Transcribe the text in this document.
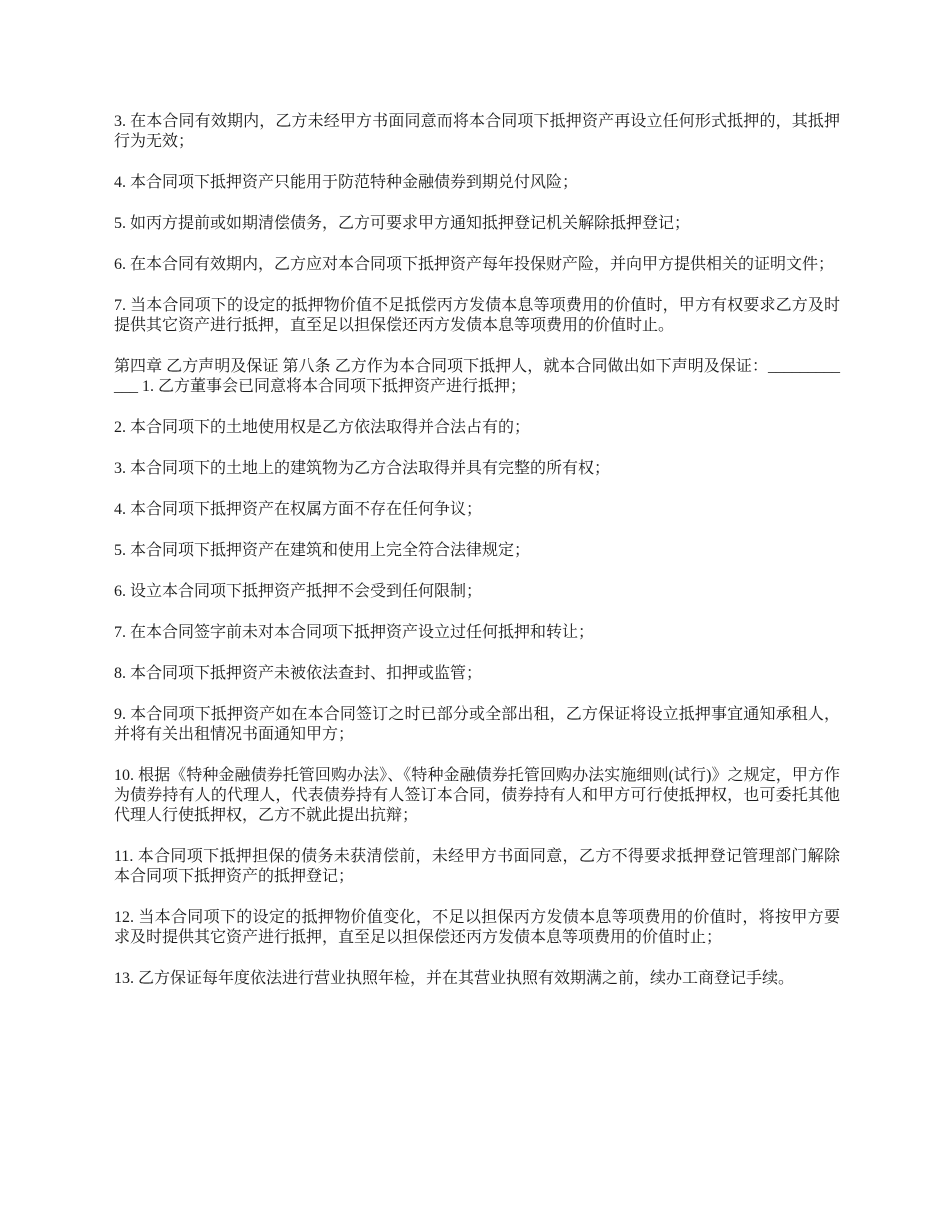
3. 在本合同有效期内，乙方未经甲方书面同意而将本合同项下抵押资产再设立任何形式抵押的，其抵押行为无效；

4. 本合同项下抵押资产只能用于防范特种金融债券到期兑付风险；

5. 如丙方提前或如期清偿债务，乙方可要求甲方通知抵押登记机关解除抵押登记；

6. 在本合同有效期内，乙方应对本合同项下抵押资产每年投保财产险，并向甲方提供相关的证明文件；

7. 当本合同项下的设定的抵押物价值不足抵偿丙方发债本息等项费用的价值时，甲方有权要求乙方及时提供其它资产进行抵押，直至足以担保偿还丙方发债本息等项费用的价值时止。

第四章 乙方声明及保证 第八条 乙方作为本合同项下抵押人，就本合同做出如下声明及保证：____________ 1. 乙方董事会已同意将本合同项下抵押资产进行抵押；

2. 本合同项下的土地使用权是乙方依法取得并合法占有的；

3. 本合同项下的土地上的建筑物为乙方合法取得并具有完整的所有权；

4. 本合同项下抵押资产在权属方面不存在任何争议；

5. 本合同项下抵押资产在建筑和使用上完全符合法律规定；

6. 设立本合同项下抵押资产抵押不会受到任何限制；

7. 在本合同签字前未对本合同项下抵押资产设立过任何抵押和转让；

8. 本合同项下抵押资产未被依法查封、扣押或监管；

9. 本合同项下抵押资产如在本合同签订之时已部分或全部出租，乙方保证将设立抵押事宜通知承租人，并将有关出租情况书面通知甲方；

10. 根据《特种金融债券托管回购办法》、《特种金融债券托管回购办法实施细则(试行)》之规定，甲方作为债券持有人的代理人，代表债券持有人签订本合同，债券持有人和甲方可行使抵押权，也可委托其他代理人行使抵押权，乙方不就此提出抗辩；

11. 本合同项下抵押担保的债务未获清偿前，未经甲方书面同意，乙方不得要求抵押登记管理部门解除本合同项下抵押资产的抵押登记；

12. 当本合同项下的设定的抵押物价值变化，不足以担保丙方发债本息等项费用的价值时，将按甲方要求及时提供其它资产进行抵押，直至足以担保偿还丙方发债本息等项费用的价值时止；

13. 乙方保证每年度依法进行营业执照年检，并在其营业执照有效期满之前，续办工商登记手续。
